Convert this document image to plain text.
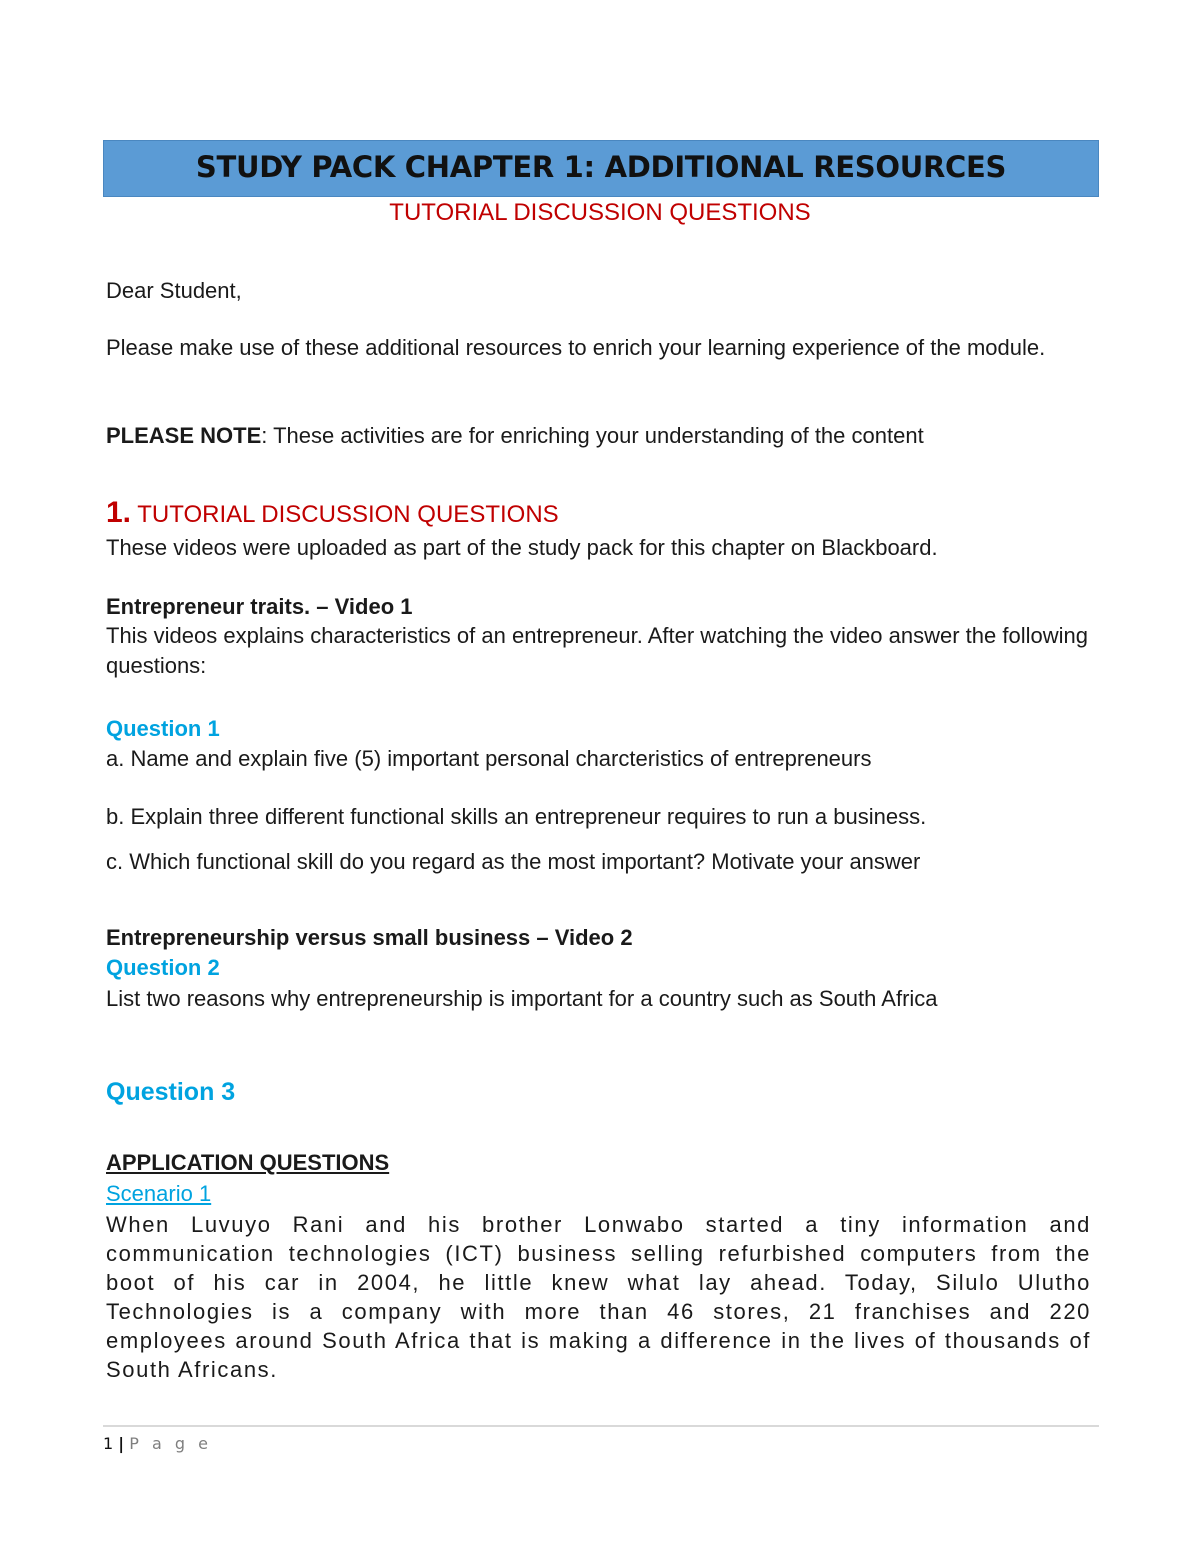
STUDY PACK CHAPTER 1: ADDITIONAL RESOURCES
TUTORIAL DISCUSSION QUESTIONS
Dear Student,
Please make use of these additional resources to enrich your learning experience of the module.
PLEASE NOTE: These activities are for enriching your understanding of the content
1. TUTORIAL DISCUSSION QUESTIONS
These videos were uploaded as part of the study pack for this chapter on Blackboard.
Entrepreneur traits. – Video 1
This videos explains characteristics of an entrepreneur. After watching the video answer the following questions:
Question 1
a. Name and explain five (5) important personal charcteristics of entrepreneurs
b. Explain three different functional skills an entrepreneur requires to run a business.
c. Which functional skill do you regard as the most important? Motivate your answer
Entrepreneurship versus small business – Video 2
Question 2
List two reasons why entrepreneurship is important for a country such as South Africa
Question 3
APPLICATION QUESTIONS
Scenario 1
When Luvuyo Rani and his brother Lonwabo started a tiny information and communication technologies (ICT) business selling refurbished computers from the boot of his car in 2004, he little knew what lay ahead. Today, Silulo Ulutho Technologies is a company with more than 46 stores, 21 franchises and 220 employees around South Africa that is making a difference in the lives of thousands of South Africans.
1 | P a g e
